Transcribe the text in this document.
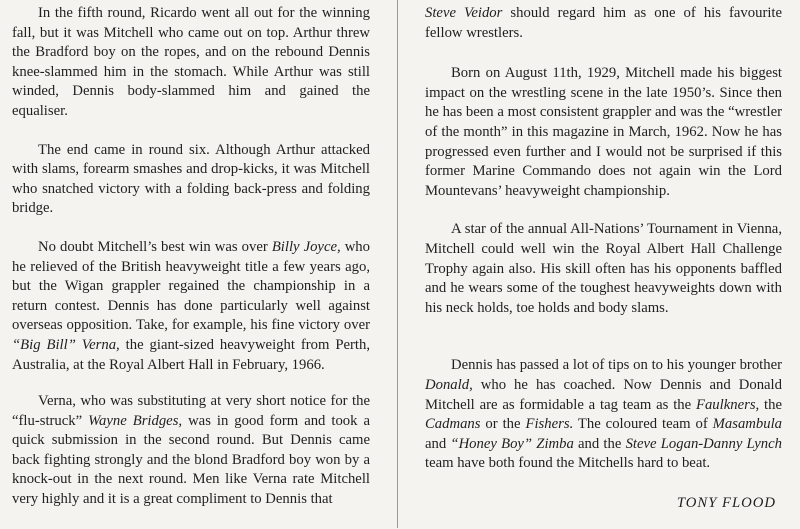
In the fifth round, Ricardo went all out for the winning fall, but it was Mitchell who came out on top. Arthur threw the Bradford boy on the ropes, and on the rebound Dennis knee-slammed him in the stomach. While Arthur was still winded, Dennis body-slammed him and gained the equaliser.

The end came in round six. Although Arthur attacked with slams, forearm smashes and drop-kicks, it was Mitchell who snatched victory with a folding back-press and folding bridge.

No doubt Mitchell’s best win was over Billy Joyce, who he relieved of the British heavyweight title a few years ago, but the Wigan grappler regained the championship in a return contest. Dennis has done particularly well against overseas opposition. Take, for example, his fine victory over “Big Bill” Verna, the giant-sized heavyweight from Perth, Australia, at the Royal Albert Hall in February, 1966.

Verna, who was substituting at very short notice for the “flu-struck” Wayne Bridges, was in good form and took a quick submission in the second round. But Dennis came back fighting strongly and the blond Bradford boy won by a knock-out in the next round. Men like Verna rate Mitchell very highly and it is a great compliment to Dennis that

Steve Veidor should regard him as one of his favourite fellow wrestlers.

Born on August 11th, 1929, Mitchell made his biggest impact on the wrestling scene in the late 1950’s. Since then he has been a most consistent grappler and was the “wrestler of the month” in this magazine in March, 1962. Now he has progressed even further and I would not be surprised if this former Marine Commando does not again win the Lord Mountevans’ heavyweight championship.

A star of the annual All-Nations’ Tournament in Vienna, Mitchell could well win the Royal Albert Hall Challenge Trophy again also. His skill often has his opponents baffled and he wears some of the toughest heavyweights down with his neck holds, toe holds and body slams.

Dennis has passed a lot of tips on to his younger brother Donald, who he has coached. Now Dennis and Donald Mitchell are as formidable a tag team as the Faulkners, the Cadmans or the Fishers. The coloured team of Masambula and “Honey Boy” Zimba and the Steve Logan-Danny Lynch team have both found the Mitchells hard to beat.

TONY FLOOD
